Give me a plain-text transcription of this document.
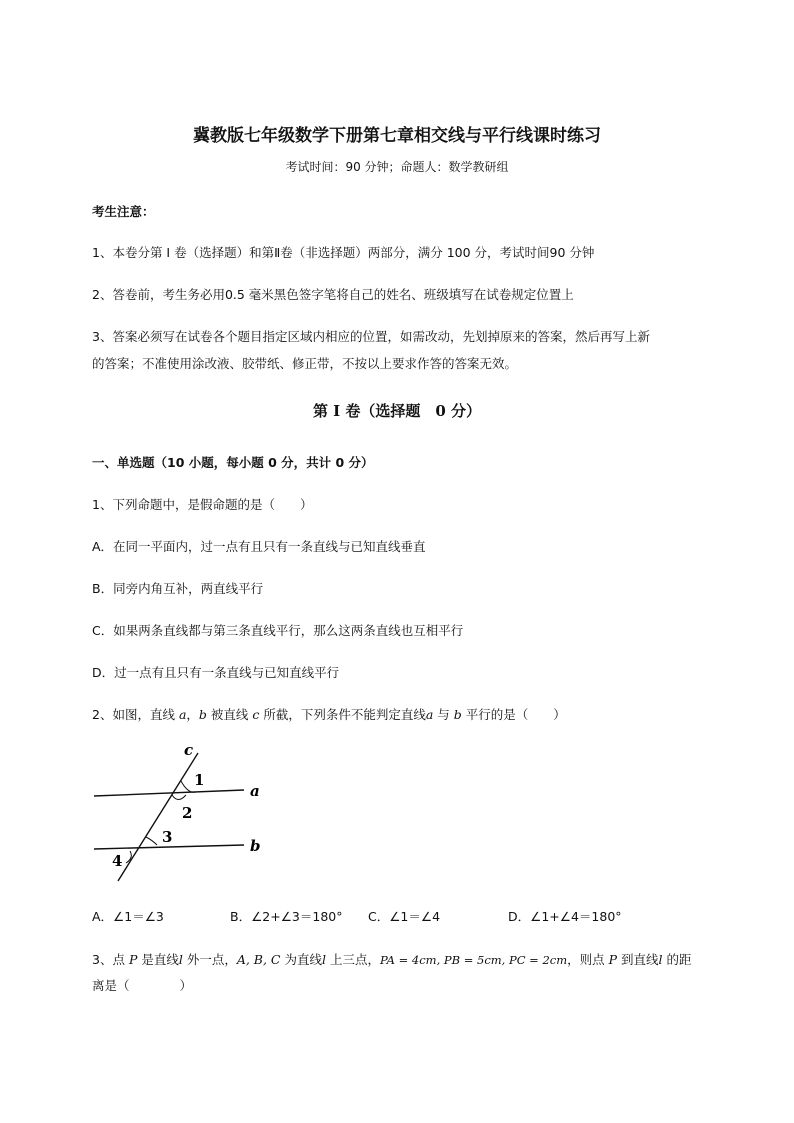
冀教版七年级数学下册第七章相交线与平行线课时练习
考试时间：90 分钟；命题人：数学教研组
考生注意：
1、本卷分第 I 卷（选择题）和第Ⅱ卷（非选择题）两部分，满分 100 分，考试时间90 分钟
2、答卷前，考生务必用0.5 毫米黑色签字笔将自己的姓名、班级填写在试卷规定位置上
3、答案必须写在试卷各个题目指定区域内相应的位置，如需改动，先划掉原来的答案，然后再写上新
的答案；不准使用涂改液、胶带纸、修正带，不按以上要求作答的答案无效。
第 I 卷（选择题　0 分）
一、单选题（10 小题，每小题 0 分，共计 0 分）
1、下列命题中，是假命题的是（　　）
A．在同一平面内，过一点有且只有一条直线与已知直线垂直
B．同旁内角互补，两直线平行
C．如果两条直线都与第三条直线平行，那么这两条直线也互相平行
D．过一点有且只有一条直线与已知直线平行
2、如图，直线 a，b 被直线 c 所截，下列条件不能判定直线a 与 b 平行的是（　　）
c
a
b
1
2
3
4
A．∠1＝∠3	B．∠2+∠3＝180° C．∠1＝∠4	D．∠1+∠4＝180°
3、点 P 是直线l 外一点，A, B, C 为直线l 上三点，PA = 4cm, PB = 5cm, PC = 2cm，则点 P 到直线l 的距
离是（　　　　）
